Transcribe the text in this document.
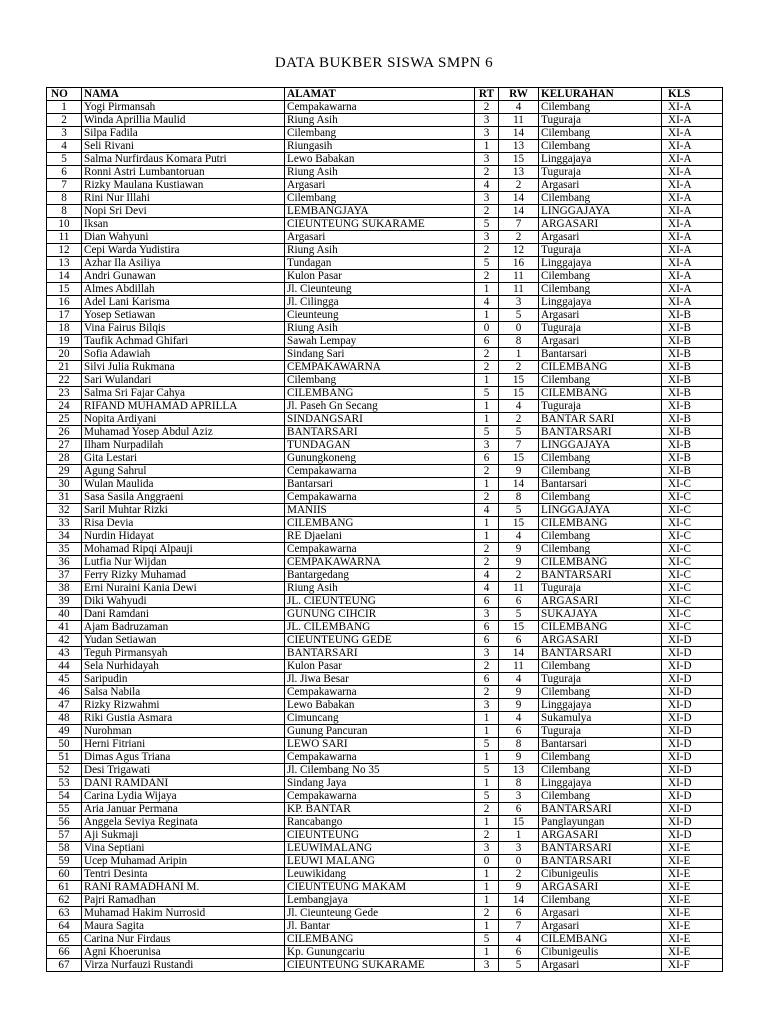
DATA BUKBER SISWA SMPN 6
NO	NAMA	ALAMAT	RT	RW	KELURAHAN	KLS
1	Yogi Pirmansah	Cempakawarna	2	4	Cilembang	XI-A
2	Winda Aprillia Maulid	Riung Asih	3	11	Tuguraja	XI-A
3	Silpa Fadila	Cilembang	3	14	Cilembang	XI-A
4	Seli Rivani	Riungasih	1	13	Cilembang	XI-A
5	Salma Nurfirdaus Komara Putri	Lewo Babakan	3	15	Linggajaya	XI-A
6	Ronni Astri Lumbantoruan	Riung Asih	2	13	Tuguraja	XI-A
7	Rizky Maulana Kustiawan	Argasari	4	2	Argasari	XI-A
8	Rini Nur Illahi	Cilembang	3	14	Cilembang	XI-A
8	Nopi Sri Devi	LEMBANGJAYA	2	14	LINGGAJAYA	XI-A
10	Iksan	CIEUNTEUNG SUKARAME	5	7	ARGASARI	XI-A
11	Dian Wahyuni	Argasari	3	2	Argasari	XI-A
12	Cepi Warda Yudistira	Riung Asih	2	12	Tuguraja	XI-A
13	Azhar Ila Asiliya	Tundagan	5	16	Linggajaya	XI-A
14	Andri Gunawan	Kulon Pasar	2	11	Cilembang	XI-A
15	Almes Abdillah	Jl. Cieunteung	1	11	Cilembang	XI-A
16	Adel Lani Karisma	Jl. Cilingga	4	3	Linggajaya	XI-A
17	Yosep Setiawan	Cieunteung	1	5	Argasari	XI-B
18	Vina Fairus Bilqis	Riung Asih	0	0	Tuguraja	XI-B
19	Taufik Achmad Ghifari	Sawah Lempay	6	8	Argasari	XI-B
20	Sofia Adawiah	Sindang Sari	2	1	Bantarsari	XI-B
21	Silvi Julia Rukmana	CEMPAKAWARNA	2	2	CILEMBANG	XI-B
22	Sari Wulandari	Cilembang	1	15	Cilembang	XI-B
23	Salma Sri Fajar Cahya	CILEMBANG	5	15	CILEMBANG	XI-B
24	RIFAND MUHAMAD APRILLA	Jl. Paseh Gn Secang	1	4	Tuguraja	XI-B
25	Nopita Ardiyani	SINDANGSARI	1	2	BANTAR SARI	XI-B
26	Muhamad Yosep Abdul Aziz	BANTARSARI	5	5	BANTARSARI	XI-B
27	Ilham Nurpadilah	TUNDAGAN	3	7	LINGGAJAYA	XI-B
28	Gita Lestari	Gunungkoneng	6	15	Cilembang	XI-B
29	Agung Sahrul	Cempakawarna	2	9	Cilembang	XI-B
30	Wulan Maulida	Bantarsari	1	14	Bantarsari	XI-C
31	Sasa Sasila Anggraeni	Cempakawarna	2	8	Cilembang	XI-C
32	Saril Muhtar Rizki	MANIIS	4	5	LINGGAJAYA	XI-C
33	Risa Devia	CILEMBANG	1	15	CILEMBANG	XI-C
34	Nurdin Hidayat	RE Djaelani	1	4	Cilembang	XI-C
35	Mohamad Ripqi Alpauji	Cempakawarna	2	9	Cilembang	XI-C
36	Lutfia Nur Wijdan	CEMPAKAWARNA	2	9	CILEMBANG	XI-C
37	Ferry Rizky Muhamad	Bantargedang	4	2	BANTARSARI	XI-C
38	Erni Nuraini Kania Dewi	Riung Asih	4	11	Tuguraja	XI-C
39	Diki Wahyudi	JL. CIEUNTEUNG	6	6	ARGASARI	XI-C
40	Dani Ramdani	GUNUNG CIHCIR	3	5	SUKAJAYA	XI-C
41	Ajam Badruzaman	JL. CILEMBANG	6	15	CILEMBANG	XI-C
42	Yudan Setiawan	CIEUNTEUNG GEDE	6	6	ARGASARI	XI-D
43	Teguh Pirmansyah	BANTARSARI	3	14	BANTARSARI	XI-D
44	Sela Nurhidayah	Kulon Pasar	2	11	Cilembang	XI-D
45	Saripudin	Jl. Jiwa Besar	6	4	Tuguraja	XI-D
46	Salsa Nabila	Cempakawarna	2	9	Cilembang	XI-D
47	Rizky Rizwahmi	Lewo Babakan	3	9	Linggajaya	XI-D
48	Riki Gustia Asmara	Cimuncang	1	4	Sukamulya	XI-D
49	Nurohman	Gunung Pancuran	1	6	Tuguraja	XI-D
50	Herni Fitriani	LEWO SARI	5	8	Bantarsari	XI-D
51	Dimas Agus Triana	Cempakawarna	1	9	Cilembang	XI-D
52	Desi Trigawati	Jl. Cilembang No 35	5	13	Cilembang	XI-D
53	DANI RAMDANI	Sindang Jaya	1	8	Linggajaya	XI-D
54	Carina Lydia Wijaya	Cempakawarna	5	3	Cilembang	XI-D
55	Aria Januar Permana	KP. BANTAR	2	6	BANTARSARI	XI-D
56	Anggela Seviya Reginata	Rancabango	1	15	Panglayungan	XI-D
57	Aji Sukmaji	CIEUNTEUNG	2	1	ARGASARI	XI-D
58	Vina Septiani	LEUWIMALANG	3	3	BANTARSARI	XI-E
59	Ucep Muhamad Aripin	LEUWI MALANG	0	0	BANTARSARI	XI-E
60	Tentri Desinta	Leuwikidang	1	2	Cibunigeulis	XI-E
61	RANI RAMADHANI M.	CIEUNTEUNG MAKAM	1	9	ARGASARI	XI-E
62	Pajri Ramadhan	Lembangjaya	1	14	Cilembang	XI-E
63	Muhamad Hakim Nurrosid	Jl. Cieunteung Gede	2	6	Argasari	XI-E
64	Maura Sagita	Jl. Bantar	1	7	Argasari	XI-E
65	Carina Nur Firdaus	CILEMBANG	5	4	CILEMBANG	XI-E
66	Agni Khoerunisa	Kp. Gunungcariu	1	6	Cibunigeulis	XI-E
67	Virza Nurfauzi Rustandi	CIEUNTEUNG SUKARAME	3	5	Argasari	XI-F
